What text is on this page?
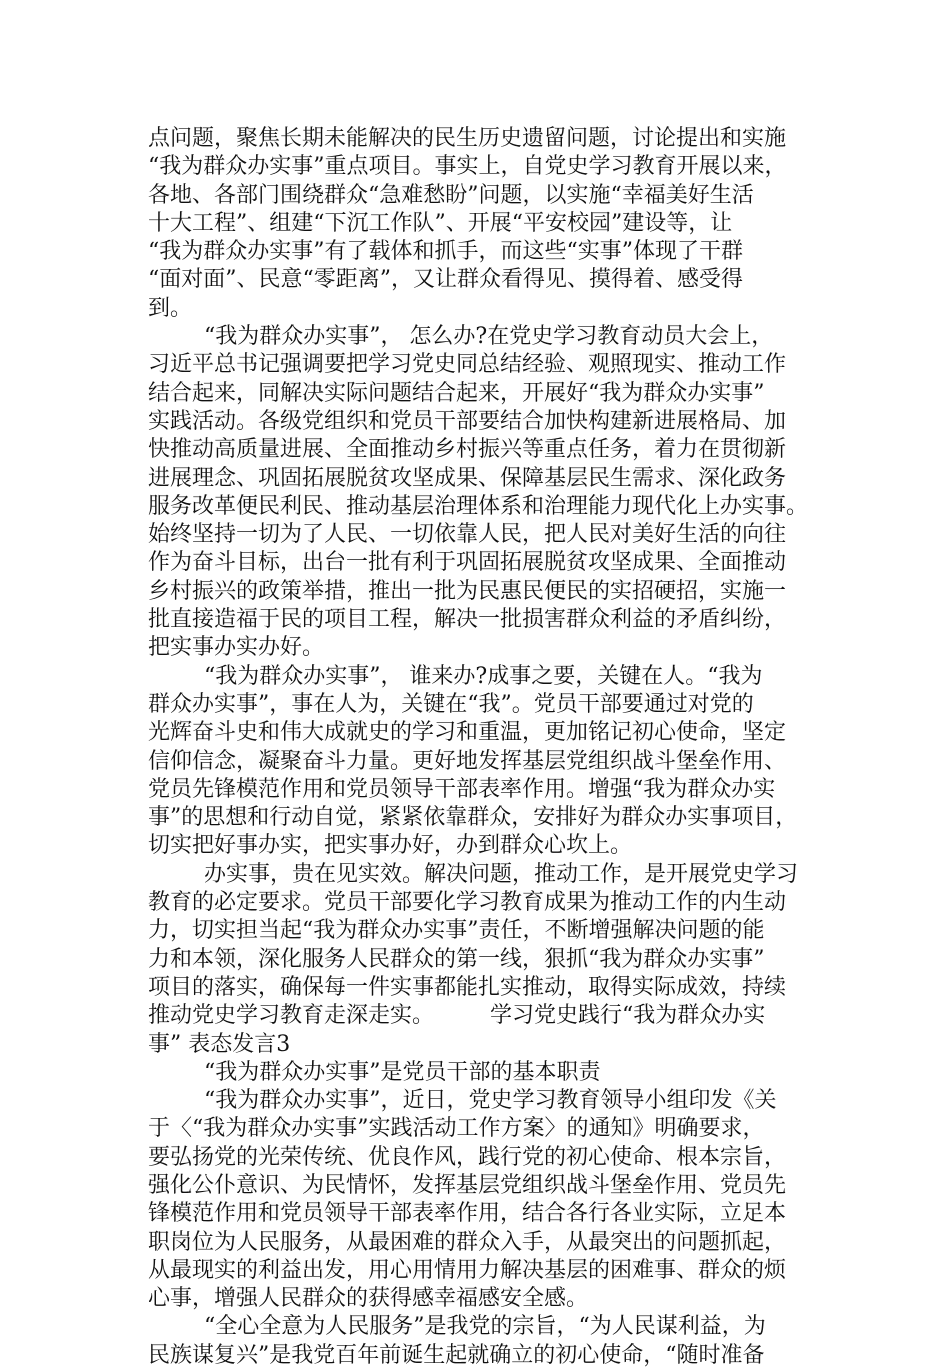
点问题，聚焦长期未能解决的民生历史遗留问题，讨论提出和实施
“我为群众办实事”重点项目。事实上，自党史学习教育开展以来，
各地、各部门围绕群众“急难愁盼”问题，以实施“幸福美好生活
十大工程”、组建“下沉工作队”、开展“平安校园”建设等，让
“我为群众办实事”有了载体和抓手，而这些“实事”体现了干群
“面对面”、民意“零距离”，又让群众看得见、摸得着、感受得
到。
“我为群众办实事”， 怎么办?在党史学习教育动员大会上，
习近平总书记强调要把学习党史同总结经验、观照现实、推动工作
结合起来，同解决实际问题结合起来，开展好“我为群众办实事”
实践活动。各级党组织和党员干部要结合加快构建新进展格局、加
快推动高质量进展、全面推动乡村振兴等重点任务，着力在贯彻新
进展理念、巩固拓展脱贫攻坚成果、保障基层民生需求、深化政务
服务改革便民利民、推动基层治理体系和治理能力现代化上办实事。
始终坚持一切为了人民、一切依靠人民，把人民对美好生活的向往
作为奋斗目标，出台一批有利于巩固拓展脱贫攻坚成果、全面推动
乡村振兴的政策举措，推出一批为民惠民便民的实招硬招，实施一
批直接造福于民的项目工程，解决一批损害群众利益的矛盾纠纷，
把实事办实办好。
“我为群众办实事”， 谁来办?成事之要，关键在人。“我为
群众办实事”，事在人为，关键在“我”。党员干部要通过对党的
光辉奋斗史和伟大成就史的学习和重温，更加铭记初心使命，坚定
信仰信念，凝聚奋斗力量。更好地发挥基层党组织战斗堡垒作用、
党员先锋模范作用和党员领导干部表率作用。增强“我为群众办实
事”的思想和行动自觉，紧紧依靠群众，安排好为群众办实事项目，
切实把好事办实，把实事办好，办到群众心坎上。
办实事，贵在见实效。解决问题，推动工作，是开展党史学习
教育的必定要求。党员干部要化学习教育成果为推动工作的内生动
力，切实担当起“我为群众办实事”责任，不断增强解决问题的能
力和本领，深化服务人民群众的第一线，狠抓“我为群众办实事”
项目的落实，确保每一件实事都能扎实推动，取得实际成效，持续
推动党史学习教育走深走实。        学习党史践行“我为群众办实
事” 表态发言3
“我为群众办实事”是党员干部的基本职责
“我为群众办实事”，近日，党史学习教育领导小组印发《关
于〈“我为群众办实事”实践活动工作方案〉的通知》明确要求，
要弘扬党的光荣传统、优良作风，践行党的初心使命、根本宗旨，
强化公仆意识、为民情怀，发挥基层党组织战斗堡垒作用、党员先
锋模范作用和党员领导干部表率作用，结合各行各业实际，立足本
职岗位为人民服务，从最困难的群众入手，从最突出的问题抓起，
从最现实的利益出发，用心用情用力解决基层的困难事、群众的烦
心事，增强人民群众的获得感幸福感安全感。
“全心全意为人民服务”是我党的宗旨，“为人民谋利益，为
民族谋复兴”是我党百年前诞生起就确立的初心使命，“随时准备
